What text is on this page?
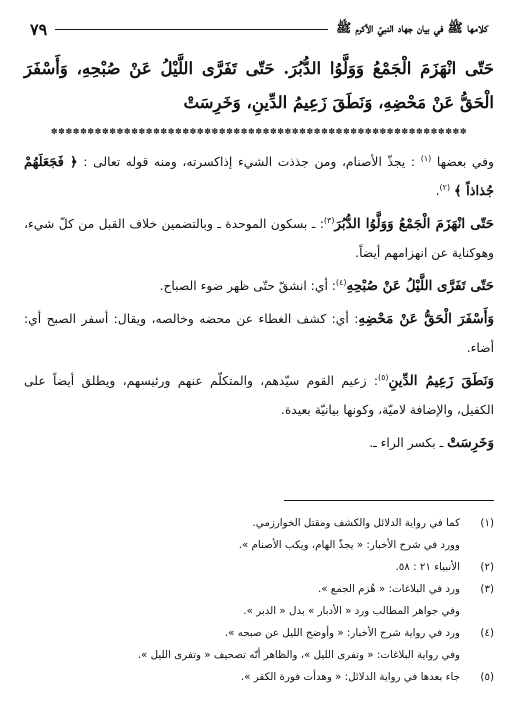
كلامها ﷺ في بيان جهاد النبيّ الأكرم ﷺ
٧٩
حَتّى انْهَزَمَ الْجَمْعُ وَوَلَّوُا الدُّبُرَ. حَتّى تَفَرَّى اللَّيْلُ عَنْ صُبْحِهِ، وَأَسْفَرَ الْحَقُّ عَنْ مَحْضِهِ، وَنَطَقَ زَعِيمُ الدِّينِ، وَخَرِسَتْ
✽✽✽✽✽✽✽✽✽✽✽✽✽✽✽✽✽✽✽✽✽✽✽✽✽✽✽✽✽✽✽✽✽✽✽✽✽✽✽✽✽✽✽✽✽✽✽✽✽✽✽✽✽✽✽✽✽

وفي بعضها $^{(١)}$ : يجذّ الأصنام، ومن جذذت الشيء إذاكسرته، ومنه قوله تعالى : ﴿ فَجَعَلَهُمْ جُذاذاً ﴾ $^{(٢)}$.

حَتّى انْهَزَمَ الْجَمْعُ وَوَلَّوُا الدُّبُرَ$^{(٣)}$: ـ بسكون الموحدة ـ وبالتضمين خلاف القبل من كلّ شيء، وهوكناية عن انهزامهم أيضاً.

حَتّى تَفَرَّى اللَّيْلُ عَنْ صُبْحِهِ$^{(٤)}$: أي: انشقّ حتّى ظهر ضوء الصباح.

وَأَسْفَرَ الْحَقُّ عَنْ مَحْضِهِ: أي: كشف الغطاء عن محضه وخالصه، ويقال: أسفر الصبح أي: أضاء.

وَنَطَقَ زَعِيمُ الدِّينِ$^{(٥)}$: زعيم القوم سيّدهم، والمتكلّم عنهم ورئيسهم، ويطلق أيضاً على الكفيل، والإضافة لاميّة، وكونها بيانيّة بعيدة.

وَخَرِسَتْ ـ بكسر الراء ـ.

(١)
كما في رواية الدلائل والكشف ومقتل الخوارزمي.
وورد في شرح الأخبار: « يجذّ الهام، ويكب الأصنام ».
(٢)
الأنبياء ٢١ : ٥٨.
(٣)
ورد في البلاغات: « هُزم الجمع ».
وفي جواهر المطالب ورد « الأدبار » بدل « الدبر ».
(٤)
ورد في رواية شرح الأخبار: « وأوضح الليل عن صبحه ».
وفي رواية البلاغات: « وتفرى الليل »، والظاهر أنّه تصحيف « وتفرى الليل ».
(٥)
جاء بعدها في رواية الدلائل: « وهدأت فورة الكفر ».
